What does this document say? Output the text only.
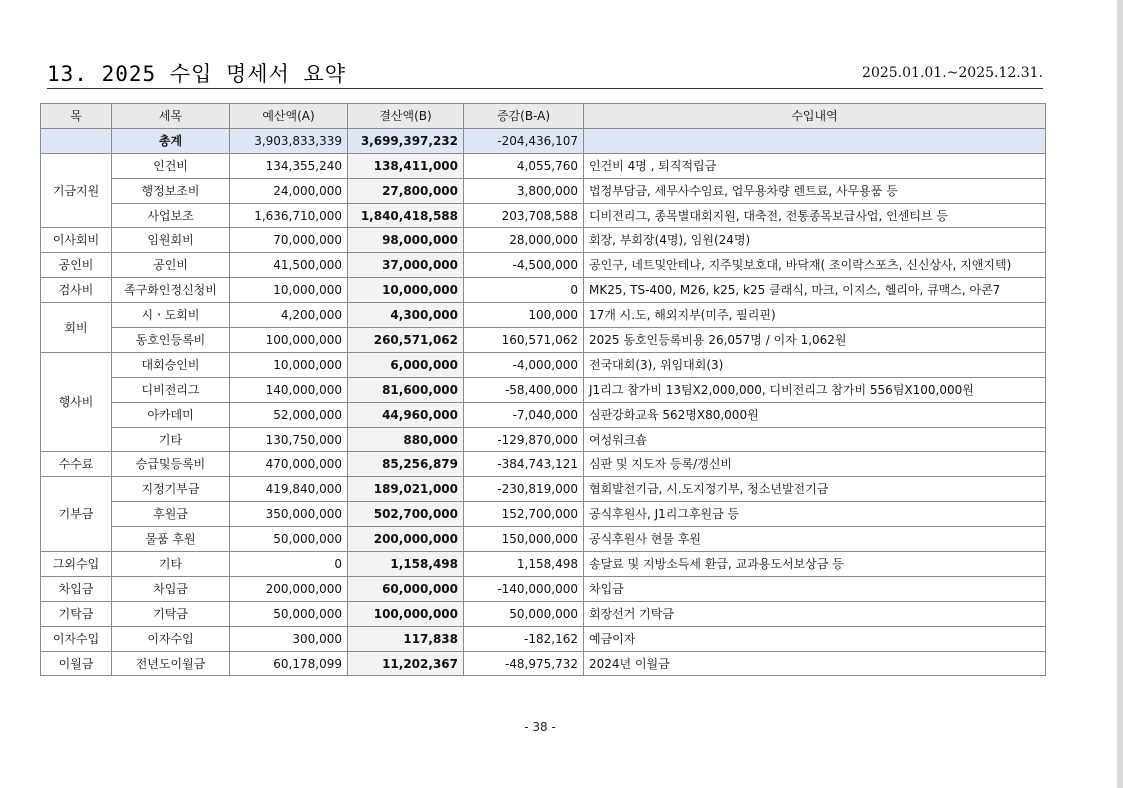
13. 2025 수입 명세서 요약	2025.01.01.~2025.12.31.
목	세목	예산액(A)	결산액(B)	증감(B-A)	수입내역
	총계	3,903,833,339	3,699,397,232	-204,436,107	
기금지원	인건비	134,355,240	138,411,000	4,055,760	인건비 4명 , 퇴직적립금
	행정보조비	24,000,000	27,800,000	3,800,000	법정부담금, 세무사수임료, 업무용차량 렌트료, 사무용품 등
	사업보조	1,636,710,000	1,840,418,588	203,708,588	디비전리그, 종목별대회지원, 대축전, 전통종목보급사업, 인센티브 등
이사회비	임원회비	70,000,000	98,000,000	28,000,000	회장, 부회장(4명), 임원(24명)
공인비	공인비	41,500,000	37,000,000	-4,500,000	공인구, 네트및안테나, 지주및보호대, 바닥재( 조이락스포츠, 신신상사, 지앤지텍)
검사비	족구화인정신청비	10,000,000	10,000,000	0	MK25, TS-400, M26, k25, k25 클래식, 마크, 이지스, 헬리아, 큐맥스, 아콘7
회비	시ㆍ도회비	4,200,000	4,300,000	100,000	17개 시.도, 해외지부(미주, 필리핀)
	동호인등록비	100,000,000	260,571,062	160,571,062	2025 동호인등록비용 26,057명 / 이자 1,062원
행사비	대회승인비	10,000,000	6,000,000	-4,000,000	전국대회(3), 위임대회(3)
	디비전리그	140,000,000	81,600,000	-58,400,000	J1리그 참가비 13팀X2,000,000, 디비전리그 참가비 556팀X100,000원
	아카데미	52,000,000	44,960,000	-7,040,000	심판강화교육 562명X80,000원
	기타	130,750,000	880,000	-129,870,000	여성워크숍
수수료	승급및등록비	470,000,000	85,256,879	-384,743,121	심판 및 지도자 등록/갱신비
기부금	지정기부금	419,840,000	189,021,000	-230,819,000	협회발전기금, 시.도지정기부, 청소년발전기금
	후원금	350,000,000	502,700,000	152,700,000	공식후원사, J1리그후원금 등
	물품 후원	50,000,000	200,000,000	150,000,000	공식후원사 현물 후원
그외수입	기타	0	1,158,498	1,158,498	송달료 및 지방소득세 환급, 교과용도서보상금 등
차입금	차입금	200,000,000	60,000,000	-140,000,000	차입금
기탁금	기탁금	50,000,000	100,000,000	50,000,000	회장선거 기탁금
이자수입	이자수입	300,000	117,838	-182,162	예금이자
이월금	전년도이월금	60,178,099	11,202,367	-48,975,732	2024년 이월금
- 38 -
